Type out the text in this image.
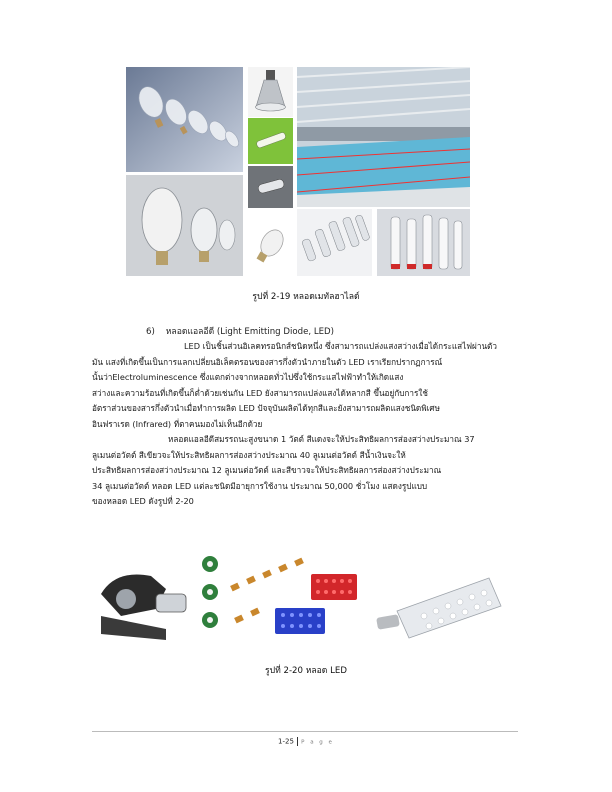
รูปที่ 2-19 หลอดเมทัลฮาไลด์
6) หลอดแอลอีดี (Light Emitting Diode, LED)
LED เป็นชิ้นส่วนอิเลคทรอนิกส์ชนิดหนึ่ง ซึ่งสามารถแปล่งแสงสว่างเมื่อได้กระแสไฟผ่านตัว
มัน แสงที่เกิดขึ้นเป็นการแลกเปลี่ยนอิเล็คตรอนของสารกึ่งตัวนำภายในตัว LED เราเรียกปรากฏการณ์
นั้นว่าElectroluminescence ซึ่งแตกต่างจากหลอดทั่วไปซึ่งใช้กระแสไฟฟ้าทำให้เกิดแสง
สว่างและความร้อนที่เกิดขึ้นก็ต่ำด้วยเช่นกัน LED ยังสามารถแปล่งแสงได้หลากสี ขึ้นอยู่กับการใช้
อัตราส่วนของสารกึ่งตัวนำเมื่อทำการผลิต LED ปัจจุบันผลิตได้ทุกสีและยังสามารถผลิตแสงชนิดพิเศษ
อินฟราเรด (Infrared) ที่ตาคนมองไม่เห็นอีกด้วย
หลอดแอลอีดีสมรรถนะสูงขนาด 1 วัตต์ สีแดงจะให้ประสิทธิผลการส่องสว่างประมาณ 37
ลูเมนต่อวัตต์ สีเขียวจะให้ประสิทธิผลการส่องสว่างประมาณ 40 ลูเมนต่อวัตต์ สีน้ำเงินจะให้
ประสิทธิผลการส่องสว่างประมาณ 12 ลูเมนต่อวัตต์ และสีขาวจะให้ประสิทธิผลการส่องสว่างประมาณ
34 ลูเมนต่อวัตต์ หลอด LED แต่ละชนิดมีอายุการใช้งาน ประมาณ 50,000 ชั่วโมง แสดงรูปแบบ
ของหลอด LED ดังรูปที่ 2-20
รูปที่ 2-20 หลอด LED
1-25 P a g e
